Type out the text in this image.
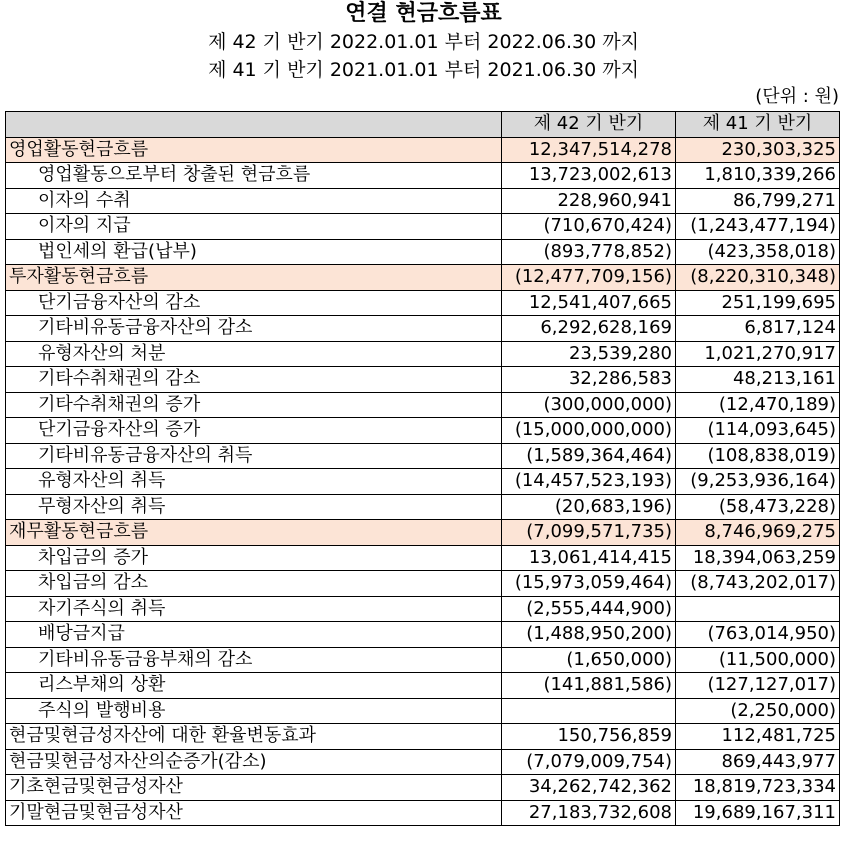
연결 현금흐름표
제 42 기 반기 2022.01.01 부터 2022.06.30 까지
제 41 기 반기 2021.01.01 부터 2021.06.30 까지
(단위 : 원)
	제 42 기 반기	제 41 기 반기
영업활동현금흐름	12,347,514,278	230,303,325
영업활동으로부터 창출된 현금흐름	13,723,002,613	1,810,339,266
이자의 수취	228,960,941	86,799,271
이자의 지급	(710,670,424)	(1,243,477,194)
법인세의 환급(납부)	(893,778,852)	(423,358,018)
투자활동현금흐름	(12,477,709,156)	(8,220,310,348)
단기금융자산의 감소	12,541,407,665	251,199,695
기타비유동금융자산의 감소	6,292,628,169	6,817,124
유형자산의 처분	23,539,280	1,021,270,917
기타수취채권의 감소	32,286,583	48,213,161
기타수취채권의 증가	(300,000,000)	(12,470,189)
단기금융자산의 증가	(15,000,000,000)	(114,093,645)
기타비유동금융자산의 취득	(1,589,364,464)	(108,838,019)
유형자산의 취득	(14,457,523,193)	(9,253,936,164)
무형자산의 취득	(20,683,196)	(58,473,228)
재무활동현금흐름	(7,099,571,735)	8,746,969,275
차입금의 증가	13,061,414,415	18,394,063,259
차입금의 감소	(15,973,059,464)	(8,743,202,017)
자기주식의 취득	(2,555,444,900)	
배당금지급	(1,488,950,200)	(763,014,950)
기타비유동금융부채의 감소	(1,650,000)	(11,500,000)
리스부채의 상환	(141,881,586)	(127,127,017)
주식의 발행비용		(2,250,000)
현금및현금성자산에 대한 환율변동효과	150,756,859	112,481,725
현금및현금성자산의순증가(감소)	(7,079,009,754)	869,443,977
기초현금및현금성자산	34,262,742,362	18,819,723,334
기말현금및현금성자산	27,183,732,608	19,689,167,311
